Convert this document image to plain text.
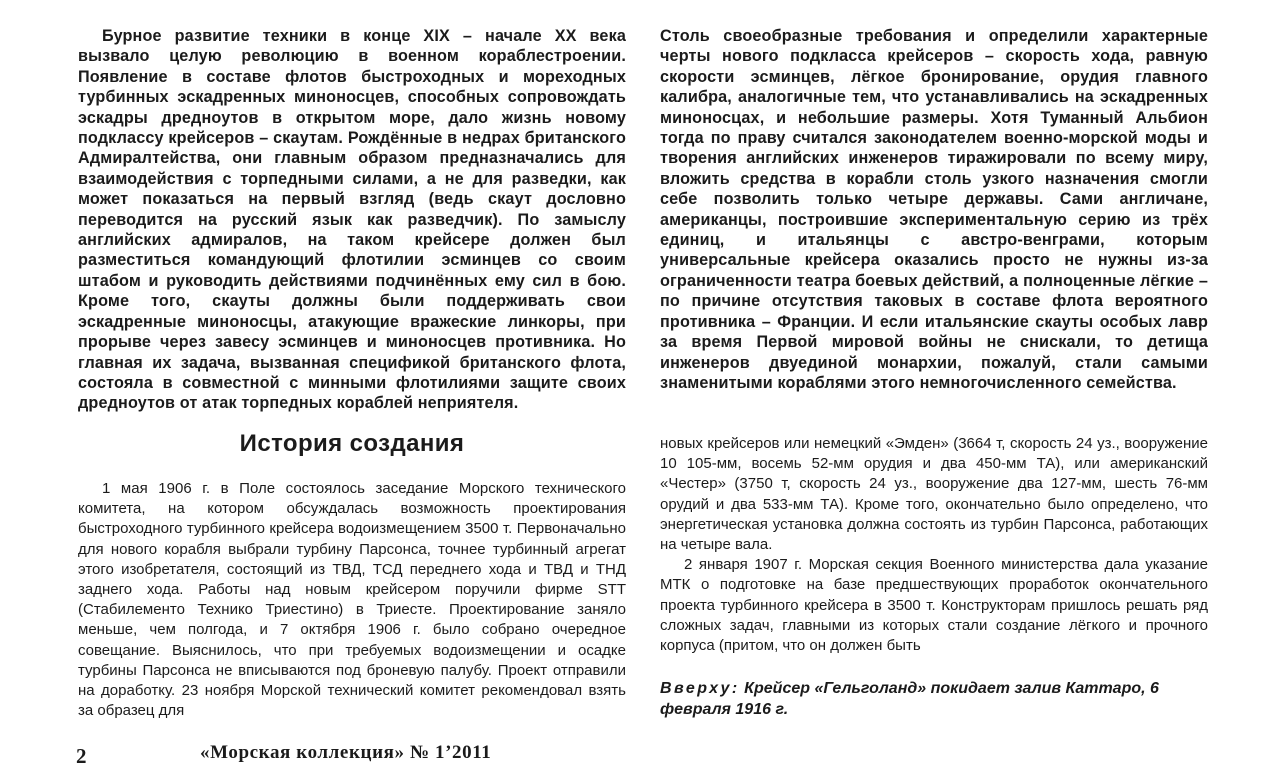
Бурное развитие техники в конце XIX – начале XX века вызвало целую революцию в военном кораблестроении. Появление в составе флотов быстроходных и мореходных турбинных эскадренных миноносцев, способных сопровождать эскадры дредноутов в открытом море, дало жизнь новому подклассу крейсеров – скаутам. Рождённые в недрах британского Адмиралтейства, они главным образом предназначались для взаимодействия с торпедными силами, а не для разведки, как может показаться на первый взгляд (ведь скаут дословно переводится на русский язык как разведчик). По замыслу английских адмиралов, на таком крейсере должен был разместиться командующий флотилии эсминцев со своим штабом и руководить действиями подчинённых ему сил в бою. Кроме того, скауты должны были поддерживать свои эскадренные миноносцы, атакующие вражеские линкоры, при прорыве через завесу эсминцев и миноносцев противника. Но главная их задача, вызванная спецификой британского флота, состояла в совместной с минными флотилиями защите своих дредноутов от атак торпедных кораблей неприятеля.

Столь своеобразные требования и определили характерные черты нового подкласса крейсеров – скорость хода, равную скорости эсминцев, лёгкое бронирование, орудия главного калибра, аналогичные тем, что устанавливались на эскадренных миноносцах, и небольшие размеры. Хотя Туманный Альбион тогда по праву считался законодателем военно-морской моды и творения английских инженеров тиражировали по всему миру, вложить средства в корабли столь узкого назначения смогли себе позволить только четыре державы. Сами англичане, американцы, построившие экспериментальную серию из трёх единиц, и итальянцы с австро-венграми, которым универсальные крейсера оказались просто не нужны из-за ограниченности театра боевых действий, а полноценные лёгкие – по причине отсутствия таковых в составе флота вероятного противника – Франции. И если итальянские скауты особых лавр за время Первой мировой войны не снискали, то детища инженеров двуединой монархии, пожалуй, стали самыми знаменитыми кораблями этого немногочисленного семейства.

История создания

1 мая 1906 г. в Поле состоялось заседание Морского технического комитета, на котором обсуждалась возможность проектирования быстроходного турбинного крейсера водоизмещением 3500 т. Первоначально для нового корабля выбрали турбину Парсонса, точнее турбинный агрегат этого изобретателя, состоящий из ТВД, ТСД переднего хода и ТВД и ТНД заднего хода. Работы над новым крейсером поручили фирме STT (Стабилементо Технико Триестино) в Триесте. Проектирование заняло меньше, чем полгода, и 7 октября 1906 г. было собрано очередное совещание. Выяснилось, что при требуемых водоизмещении и осадке турбины Парсонса не вписываются под броневую палубу. Проект отправили на доработку. 23 ноября Морской технический комитет рекомендовал взять за образец для

новых крейсеров или немецкий «Эмден» (3664 т, скорость 24 уз., вооружение 10 105-мм, восемь 52-мм орудия и два 450-мм ТА), или американский «Честер» (3750 т, скорость 24 уз., вооружение два 127-мм, шесть 76-мм орудий и два 533-мм ТА). Кроме того, окончательно было определено, что энергетическая установка должна состоять из турбин Парсонса, работающих на четыре вала.

2 января 1907 г. Морская секция Военного министерства дала указание МТК о подготовке на базе предшествующих проработок окончательного проекта турбинного крейсера в 3500 т. Конструкторам пришлось решать ряд сложных задач, главными из которых стали создание лёгкого и прочного корпуса (притом, что он должен быть

Вверху: Крейсер «Гельголанд» покидает залив Каттаро, 6 февраля 1916 г.

2	«Морская коллекция» № 1’2011
